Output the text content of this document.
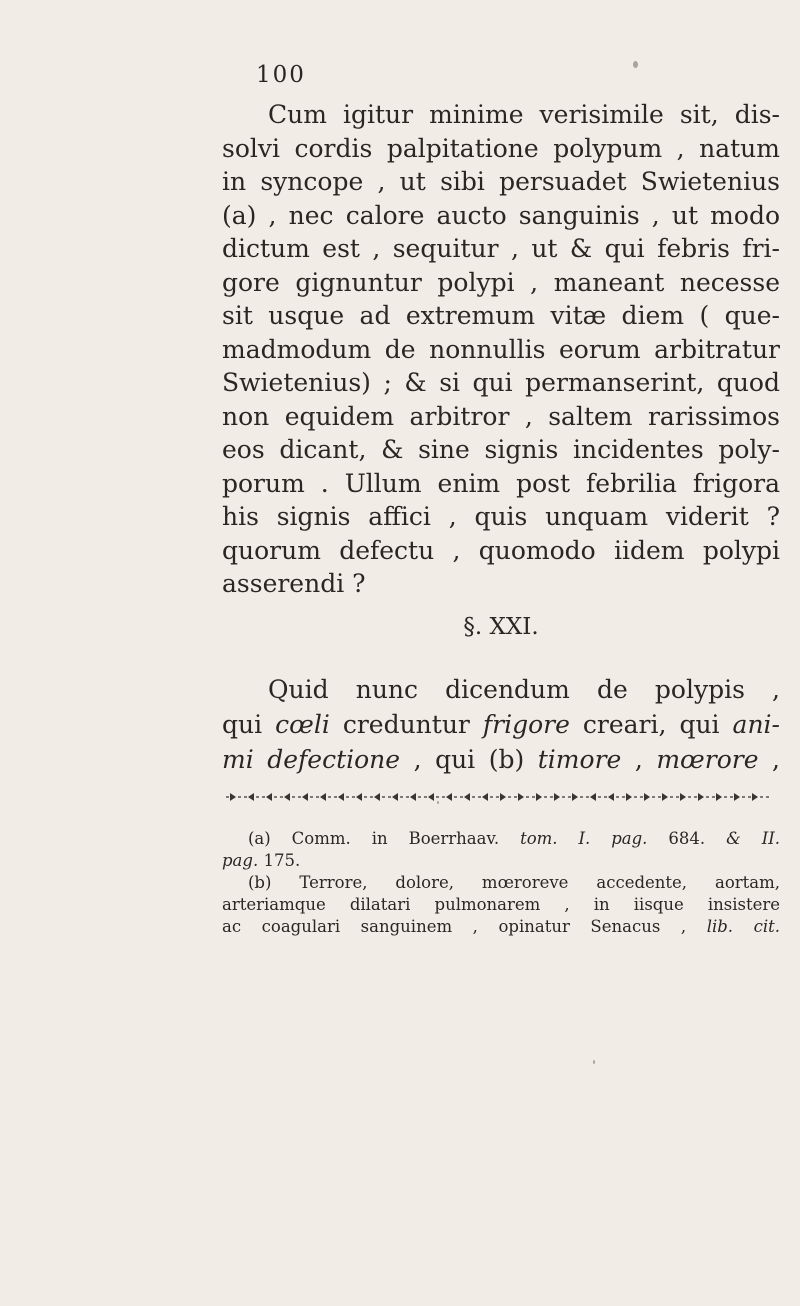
100
Cum igitur minime verisimile sit, dis-
solvi cordis palpitatione polypum , natum
in syncope , ut sibi persuadet Swietenius
(a) , nec calore aucto sanguinis , ut modo
dictum est , sequitur , ut & qui febris fri-
gore gignuntur polypi , maneant necesse
sit usque ad extremum vitæ diem ( que-
madmodum de nonnullis eorum arbitratur
Swietenius) ; & si qui permanserint, quod
non equidem arbitror , saltem rarissimos
eos dicant, & sine signis incidentes poly-
porum . Ullum enim post febrilia frigora
his signis affici , quis unquam viderit ?
quorum defectu , quomodo iidem polypi
asserendi ?
§. XXI.
Quid nunc dicendum de polypis ,
qui cœli creduntur frigore creari, qui ani-
mi defectione , qui (b) timore , mœrore ,
(a) Comm. in Boerrhaav. tom. I. pag. 684. & II.
pag. 175.
(b) Terrore, dolore, mœroreve accedente, aortam,
arteriamque dilatari pulmonarem , in iisque insistere
ac coagulari sanguinem , opinatur Senacus , lib. cit.
